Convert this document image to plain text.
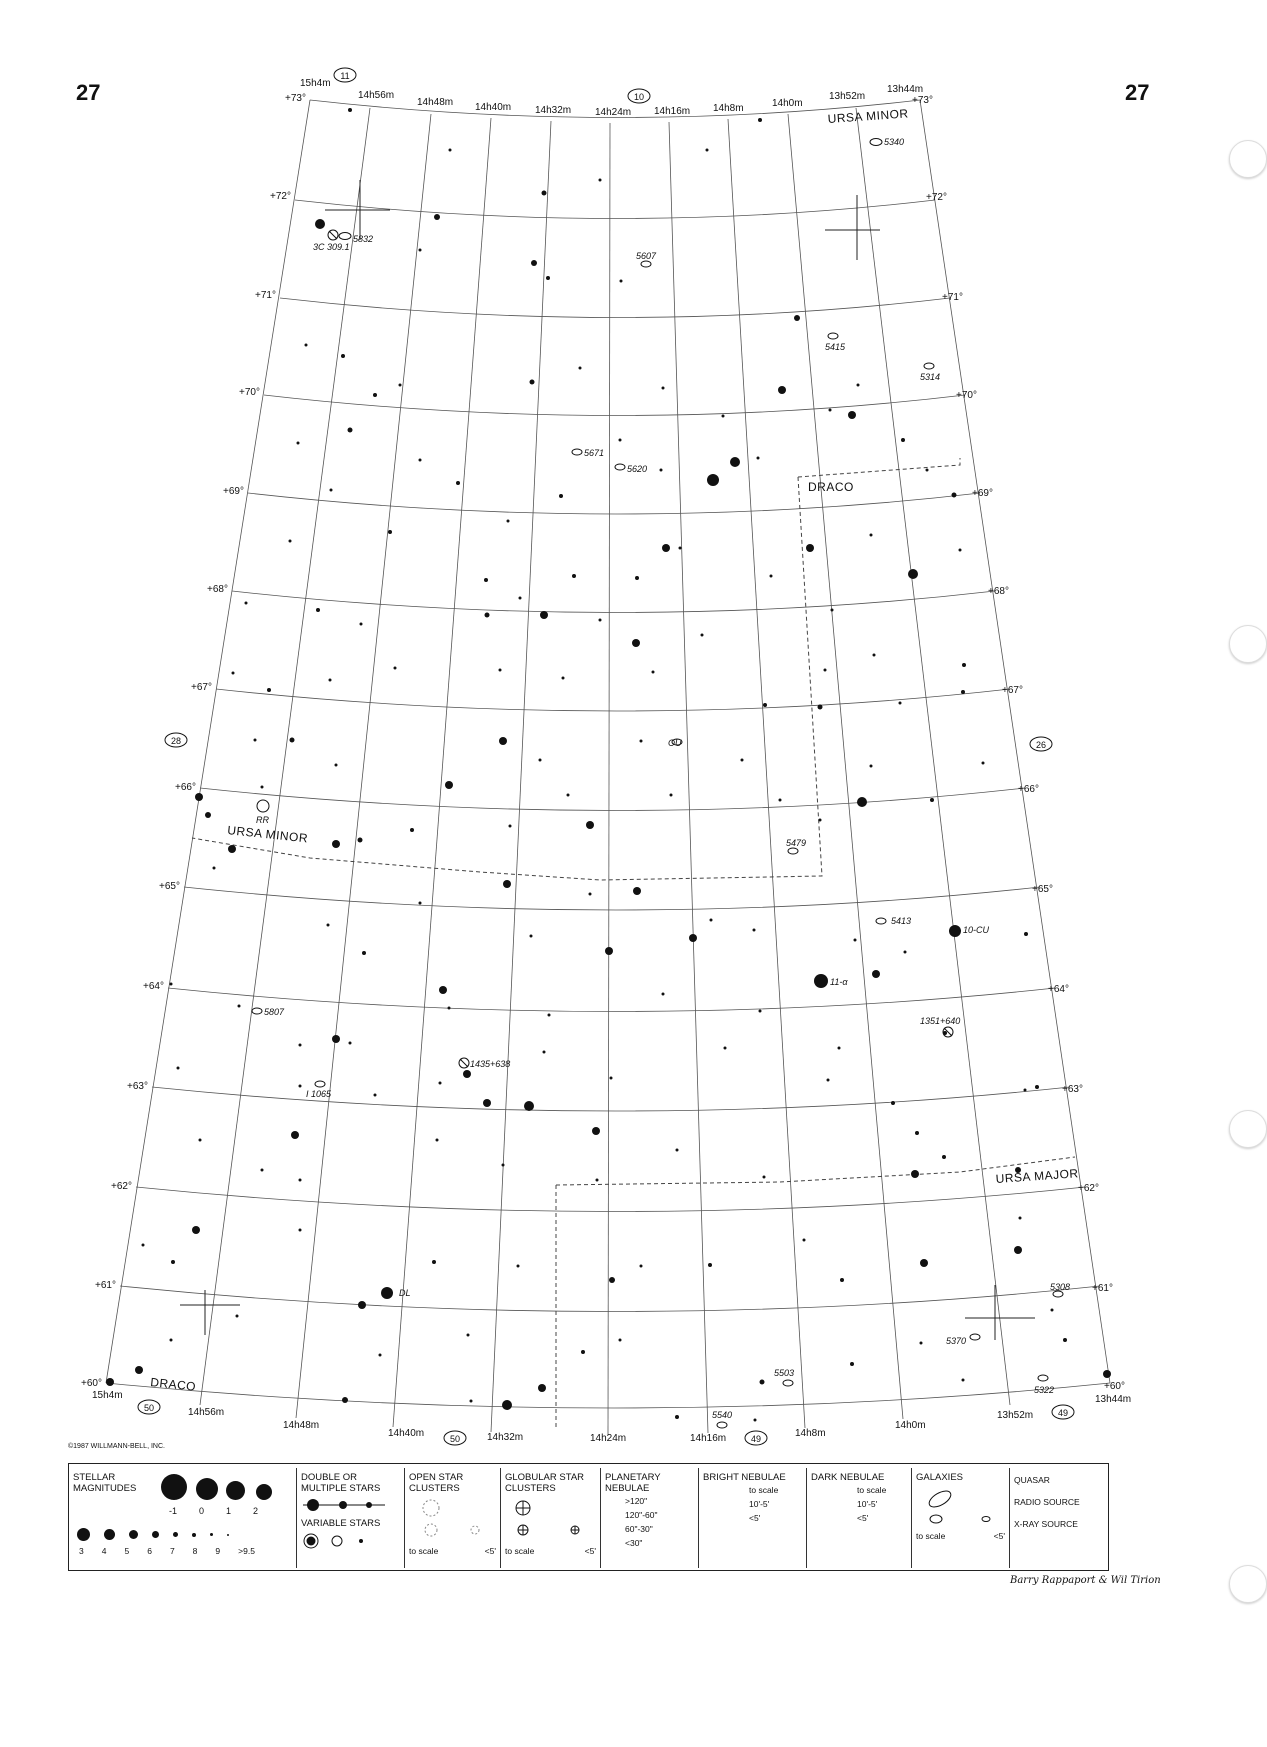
27	27
15h4m
14h56m
14h48m 14h40m 14h32m 14h24m 14h16m 14h8m	14h0m
13h52m
13h44m
15h4m
14h56m
14h48m
14h40m	14h32m	14h24m	14h16m	14h8m
14h0m
13h52m
13h44m
+73°
+72°
+71°
+70°
+69°
+68°
+67°
+66°
+65°
+64°
+63°
+62°
+61°
+60°
+73°
+72°
+71°
+70°
+69°
+68°
+67°
+66°
+65°
+64°
+63°
+62°
+61°
+60°
11
10
28	26
50
50	49
49
URSA MINOR
URSA MINOR
DRACO
DRACO
URSA MAJOR
5340
5832
3C 309.1
5607
5415
5314
5671
5620
OU
RR
5479
5413
10-CU
11-α
5807
1435+638
1351+640
I 1065
DL
5308
5370
5503
5540
5322
©1987 WILLMANN-BELL, INC.
STELLAR MAGNITUDES

-1 0 1 2
3 4 5 6 7 8 9 >9.5
DOUBLE OR MULTIPLE STARS
VARIABLE STARS
OPEN STAR CLUSTERS
to scale	<5'
GLOBULAR STAR CLUSTERS
to scale	<5'
PLANETARY NEBULAE
>120"
120"-60"
60"-30"
<30"
BRIGHT NEBULAE
to scale
10'-5'
<5'
DARK NEBULAE
to scale
10'-5'
<5'
GALAXIES
to scale	<5'
QUASAR
RADIO SOURCE
X-RAY SOURCE
Barry Rappaport & Wil Tirion
